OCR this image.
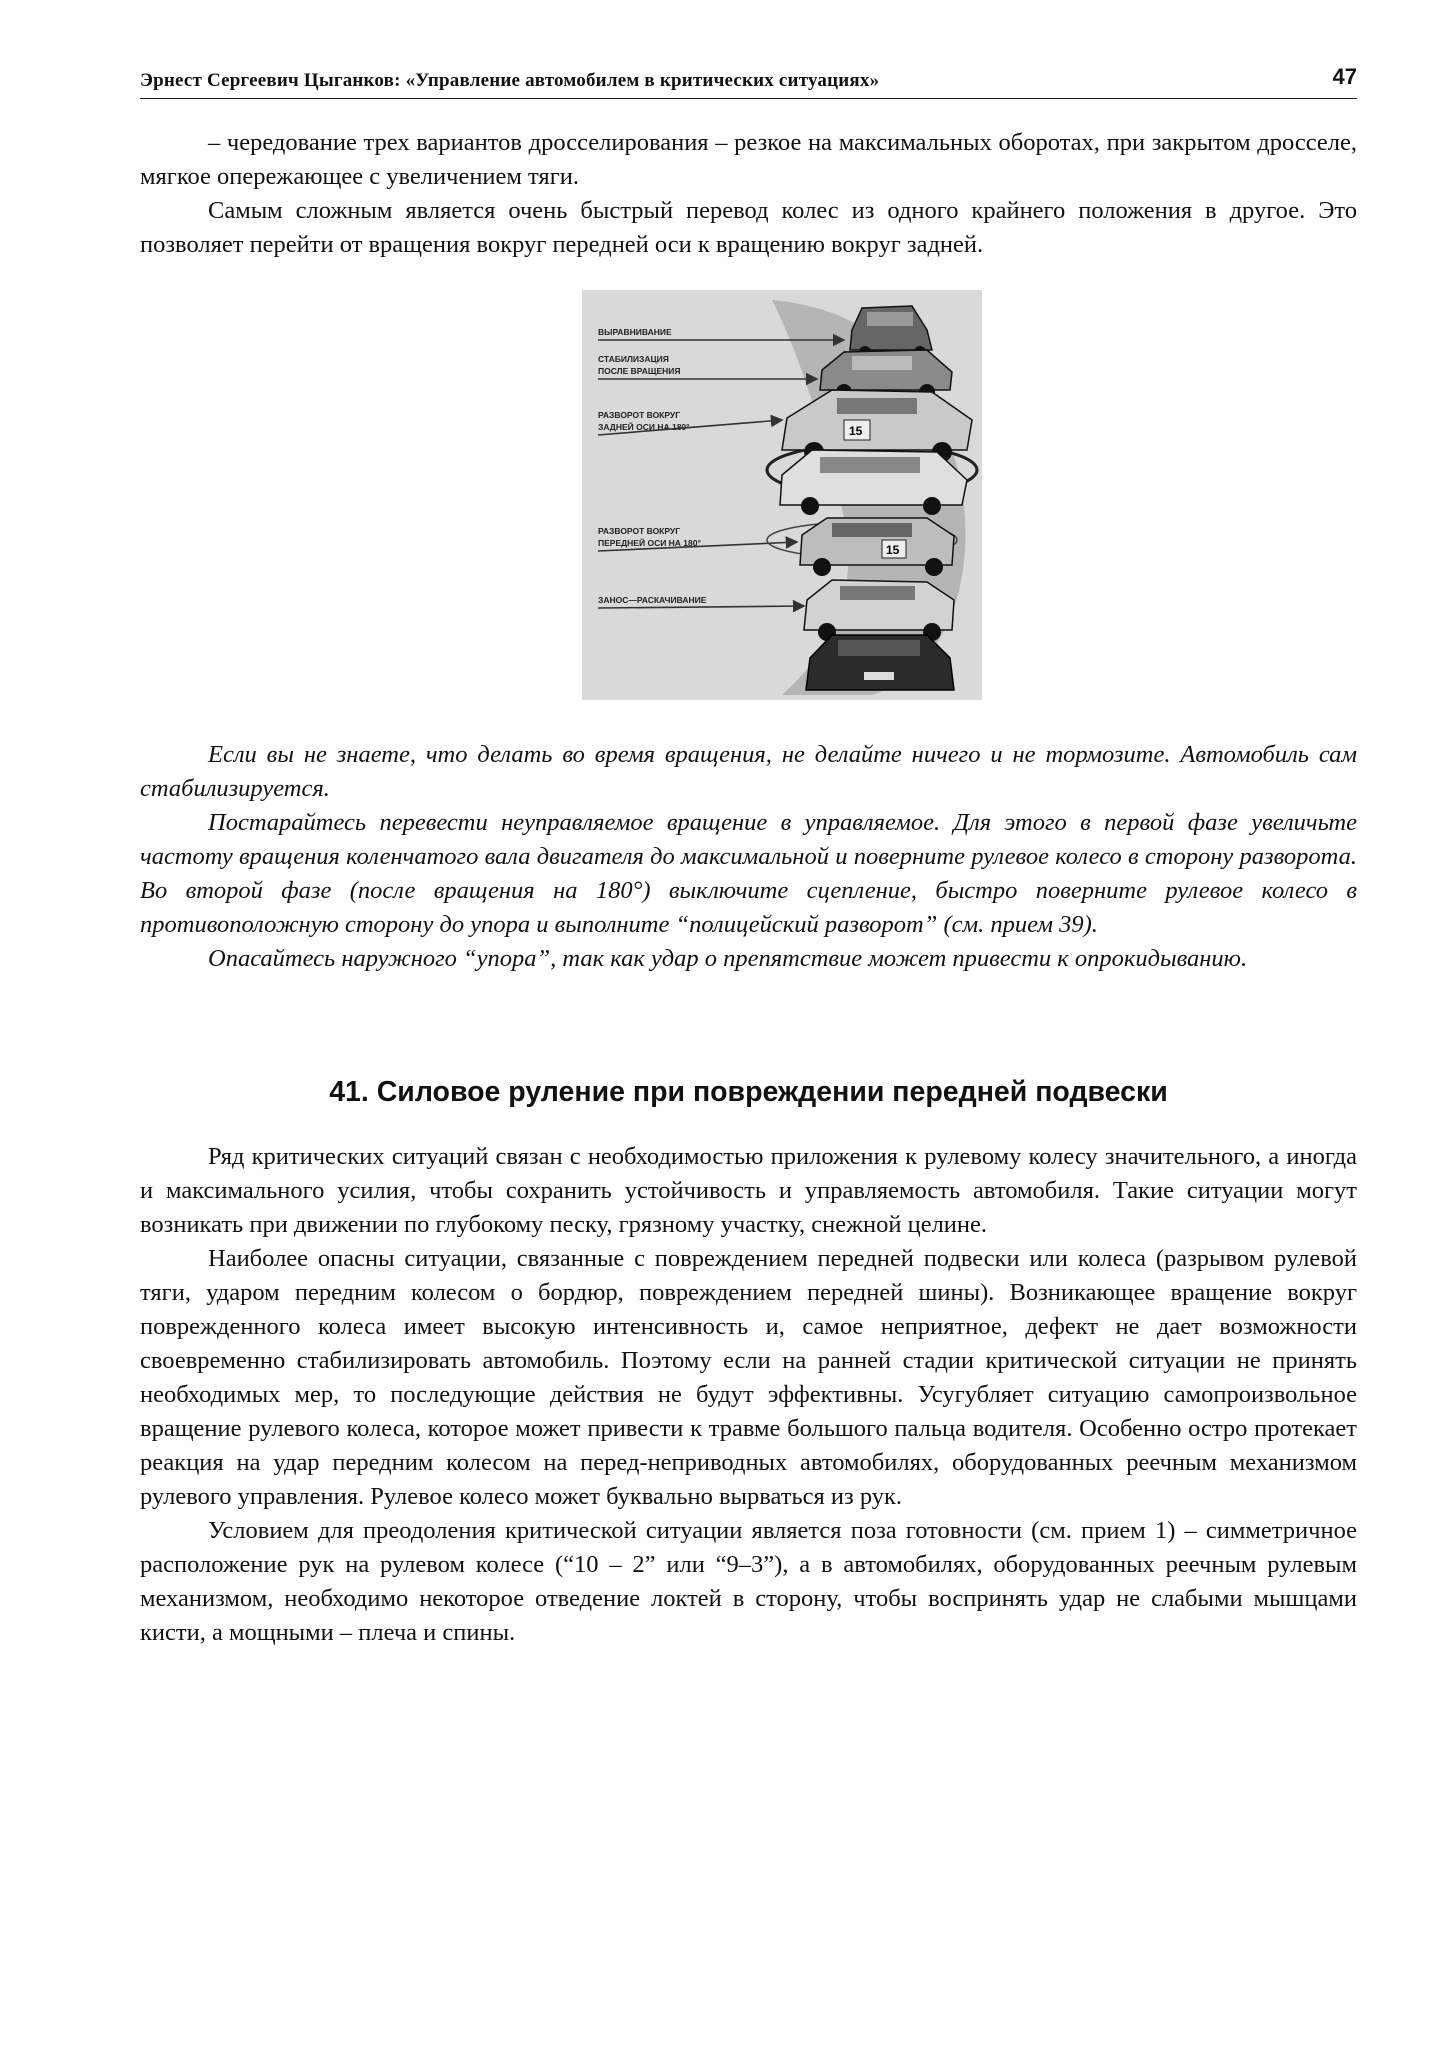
Эрнест Сергеевич Цыганков: «Управление автомобилем в критических ситуациях»	47

– чередование трех вариантов дросселирования – резкое на максимальных оборотах, при закрытом дросселе, мягкое опережающее с увеличением тяги.

Самым сложным является очень быстрый перевод колес из одного крайнего положения в другое. Это позволяет перейти от вращения вокруг передней оси к вращению вокруг задней.

ВЫРАВНИВАНИЕ
СТАБИЛИЗАЦИЯ
ПОСЛЕ ВРАЩЕНИЯ
РАЗВОРОТ ВОКРУГ
ЗАДНЕЙ ОСИ НА 180°
РАЗВОРОТ ВОКРУГ
ПЕРЕДНЕЙ ОСИ НА 180°
ЗАНОС—РАСКАЧИВАНИЕ
15
15

Если вы не знаете, что делать во время вращения, не делайте ничего и не тормозите. Автомобиль сам стабилизируется.

Постарайтесь перевести неуправляемое вращение в управляемое. Для этого в первой фазе увеличьте частоту вращения коленчатого вала двигателя до максимальной и поверните рулевое колесо в сторону разворота. Во второй фазе (после вращения на 180°) выключите сцепление, быстро поверните рулевое колесо в противоположную сторону до упора и выполните “полицейский разворот” (см. прием 39).

Опасайтесь наружного “упора”, так как удар о препятствие может привести к опрокидыванию.

41. Силовое руление при повреждении передней подвески

Ряд критических ситуаций связан с необходимостью приложения к рулевому колесу значительного, а иногда и максимального усилия, чтобы сохранить устойчивость и управляемость автомобиля. Такие ситуации могут возникать при движении по глубокому песку, грязному участку, снежной целине.

Наиболее опасны ситуации, связанные с повреждением передней подвески или колеса (разрывом рулевой тяги, ударом передним колесом о бордюр, повреждением передней шины). Возникающее вращение вокруг поврежденного колеса имеет высокую интенсивность и, самое неприятное, дефект не дает возможности своевременно стабилизировать автомобиль. Поэтому если на ранней стадии критической ситуации не принять необходимых мер, то последующие действия не будут эффективны. Усугубляет ситуацию самопроизвольное вращение рулевого колеса, которое может привести к травме большого пальца водителя. Особенно остро протекает реакция на удар передним колесом на перед-неприводных автомобилях, оборудованных реечным механизмом рулевого управления. Рулевое колесо может буквально вырваться из рук.

Условием для преодоления критической ситуации является поза готовности (см. прием 1) – симметричное расположение рук на рулевом колесе (“10 – 2” или “9–3”), а в автомобилях, оборудованных реечным рулевым механизмом, необходимо некоторое отведение локтей в сторону, чтобы воспринять удар не слабыми мышцами кисти, а мощными – плеча и спины.
